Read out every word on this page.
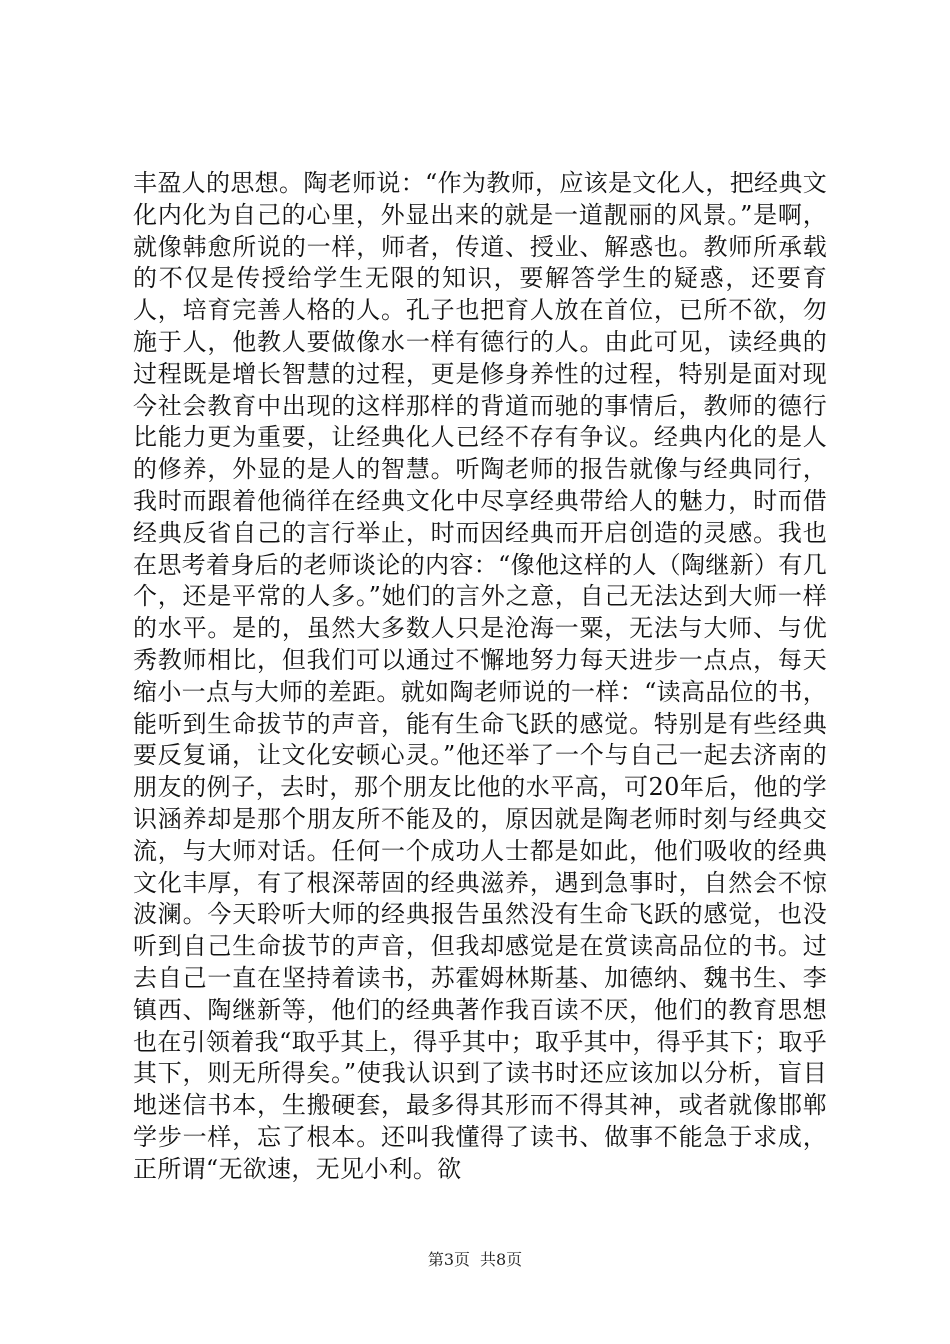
丰盈人的思想。陶老师说：“作为教师，应该是文化人，把经典文化内化为自己的心里，外显出来的就是一道靓丽的风景。”是啊，就像韩愈所说的一样，师者，传道、授业、解惑也。教师所承载的不仅是传授给学生无限的知识，要解答学生的疑惑，还要育人，培育完善人格的人。孔子也把育人放在首位，已所不欲，勿施于人，他教人要做像水一样有德行的人。由此可见，读经典的过程既是增长智慧的过程，更是修身养性的过程，特别是面对现今社会教育中出现的这样那样的背道而驰的事情后，教师的德行比能力更为重要，让经典化人已经不存有争议。经典内化的是人的修养，外显的是人的智慧。听陶老师的报告就像与经典同行，我时而跟着他徜徉在经典文化中尽享经典带给人的魅力，时而借经典反省自己的言行举止，时而因经典而开启创造的灵感。我也在思考着身后的老师谈论的内容：“像他这样的人（陶继新）有几个，还是平常的人多。”她们的言外之意，自己无法达到大师一样的水平。是的，虽然大多数人只是沧海一粟，无法与大师、与优秀教师相比，但我们可以通过不懈地努力每天进步一点点，每天缩小一点与大师的差距。就如陶老师说的一样：“读高品位的书，能听到生命拔节的声音，能有生命飞跃的感觉。特别是有些经典要反复诵，让文化安顿心灵。”他还举了一个与自己一起去济南的朋友的例子，去时，那个朋友比他的水平高，可20年后，他的学识涵养却是那个朋友所不能及的，原因就是陶老师时刻与经典交流，与大师对话。任何一个成功人士都是如此，他们吸收的经典文化丰厚，有了根深蒂固的经典滋养，遇到急事时，自然会不惊波澜。今天聆听大师的经典报告虽然没有生命飞跃的感觉，也没听到自己生命拔节的声音，但我却感觉是在赏读高品位的书。过去自己一直在坚持着读书，苏霍姆林斯基、加德纳、魏书生、李镇西、陶继新等，他们的经典著作我百读不厌，他们的教育思想也在引领着我“取乎其上，得乎其中；取乎其中，得乎其下；取乎其下，则无所得矣。”使我认识到了读书时还应该加以分析，盲目地迷信书本，生搬硬套，最多得其形而不得其神，或者就像邯郸学步一样，忘了根本。还叫我懂得了读书、做事不能急于求成，正所谓“无欲速，无见小利。欲

第3页 共8页
